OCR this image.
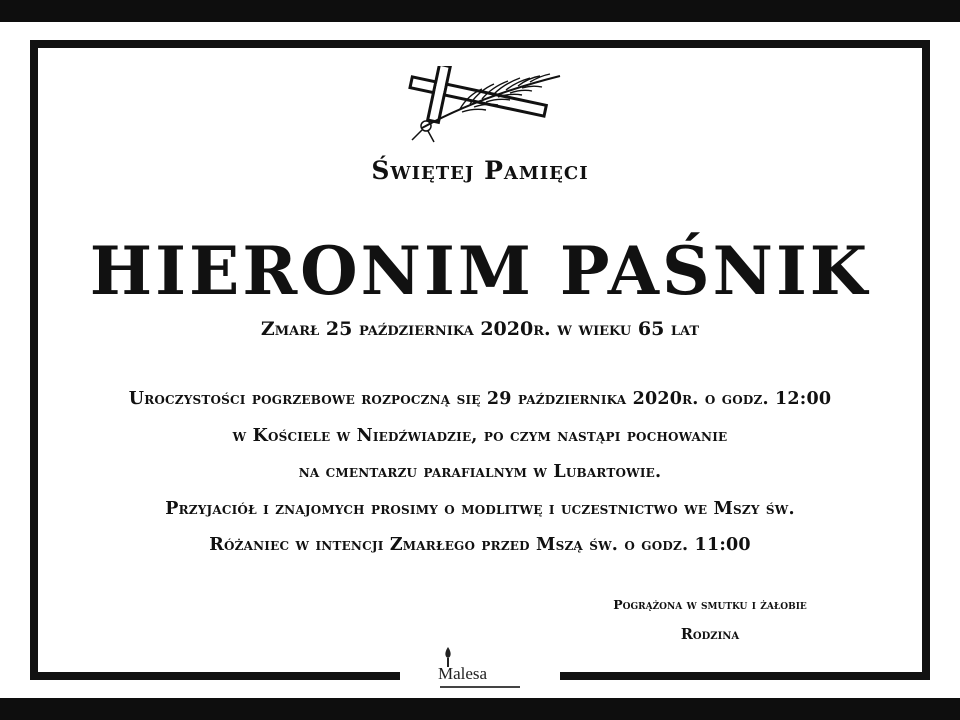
Świętej Pamięci
HIERONIM PAŚNIK
Zmarł 25 października 2020r. w wieku 65 lat
Uroczystości pogrzebowe rozpoczną się 29 października 2020r. o godz. 12:00
w Kościele w Niedźwiadzie, po czym nastąpi pochowanie
na cmentarzu parafialnym w Lubartowie.
Przyjaciół i znajomych prosimy o modlitwę i uczestnictwo we Mszy św.
Różaniec w intencji Zmarłego przed Mszą św. o godz. 11:00
Pogrążona w smutku i żałobie
Rodzina
Malesa
